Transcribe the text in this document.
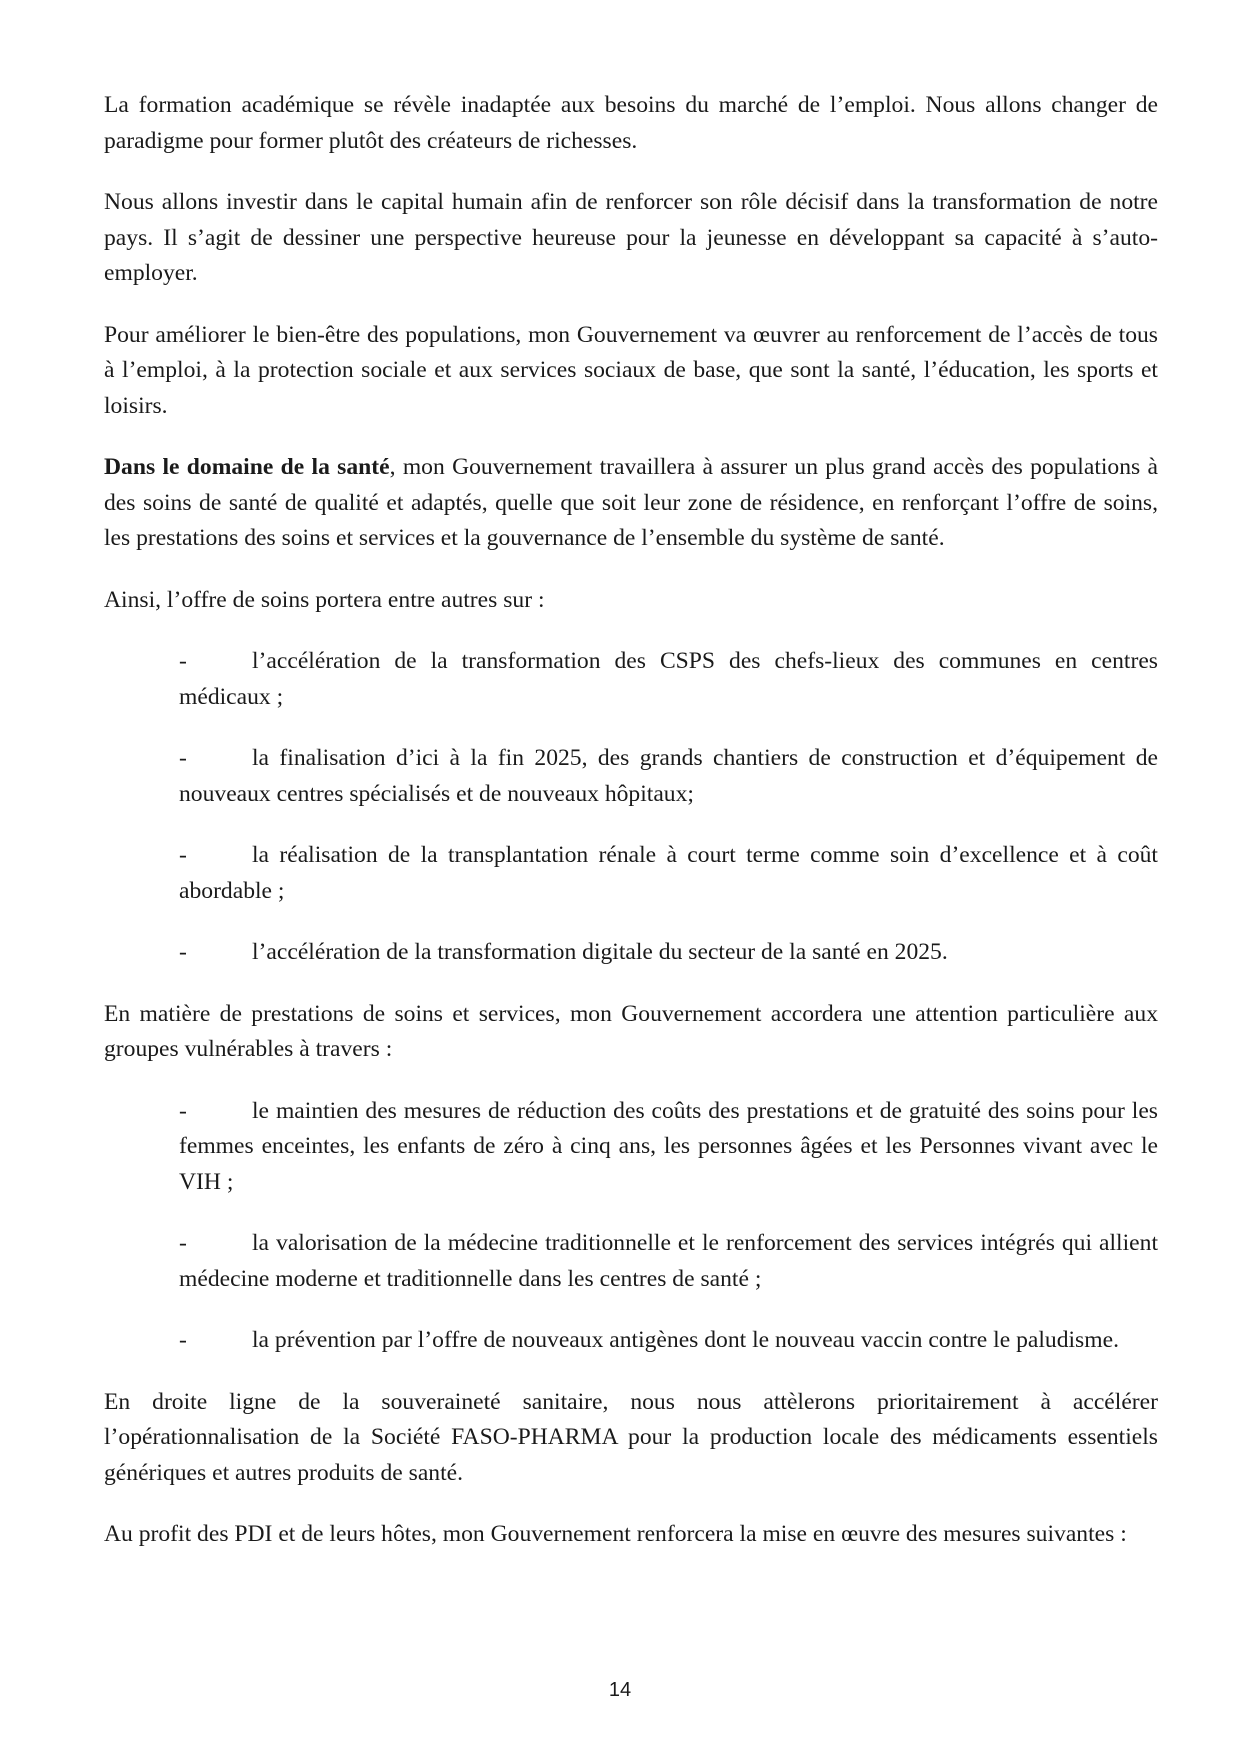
La formation académique se révèle inadaptée aux besoins du marché de l’emploi. Nous allons changer de paradigme pour former plutôt des créateurs de richesses.

Nous allons investir dans le capital humain afin de renforcer son rôle décisif dans la transformation de notre pays. Il s’agit de dessiner une perspective heureuse pour la jeunesse en développant sa capacité à s’auto-employer.

Pour améliorer le bien-être des populations, mon Gouvernement va œuvrer au renforcement de l’accès de tous à l’emploi, à la protection sociale et aux services sociaux de base, que sont la santé, l’éducation, les sports et loisirs.

Dans le domaine de la santé, mon Gouvernement travaillera à assurer un plus grand accès des populations à des soins de santé de qualité et adaptés, quelle que soit leur zone de résidence, en renforçant l’offre de soins, les prestations des soins et services et la gouvernance de l’ensemble du système de santé.

Ainsi, l’offre de soins portera entre autres sur :

-	l’accélération de la transformation des CSPS des chefs-lieux des communes en centres médicaux ;
-	la finalisation d’ici à la fin 2025, des grands chantiers de construction et d’équipement de nouveaux centres spécialisés et de nouveaux hôpitaux;
-	la réalisation de la transplantation rénale à court terme comme soin d’excellence et à coût abordable ;
-	l’accélération de la transformation digitale du secteur de la santé en 2025.

En matière de prestations de soins et services, mon Gouvernement accordera une attention particulière aux groupes vulnérables à travers :

-	le maintien des mesures de réduction des coûts des prestations et de gratuité des soins pour les femmes enceintes, les enfants de zéro à cinq ans, les personnes âgées et les Personnes vivant avec le VIH ;
-	la valorisation de la médecine traditionnelle et le renforcement des services intégrés qui allient médecine moderne et traditionnelle dans les centres de santé ;
-	la prévention par l’offre de nouveaux antigènes dont le nouveau vaccin contre le paludisme.

En droite ligne de la souveraineté sanitaire, nous nous attèlerons prioritairement à accélérer l’opérationnalisation de la Société FASO-PHARMA pour la production locale des médicaments essentiels génériques et autres produits de santé.

Au profit des PDI et de leurs hôtes, mon Gouvernement renforcera la mise en œuvre des mesures suivantes :

14
